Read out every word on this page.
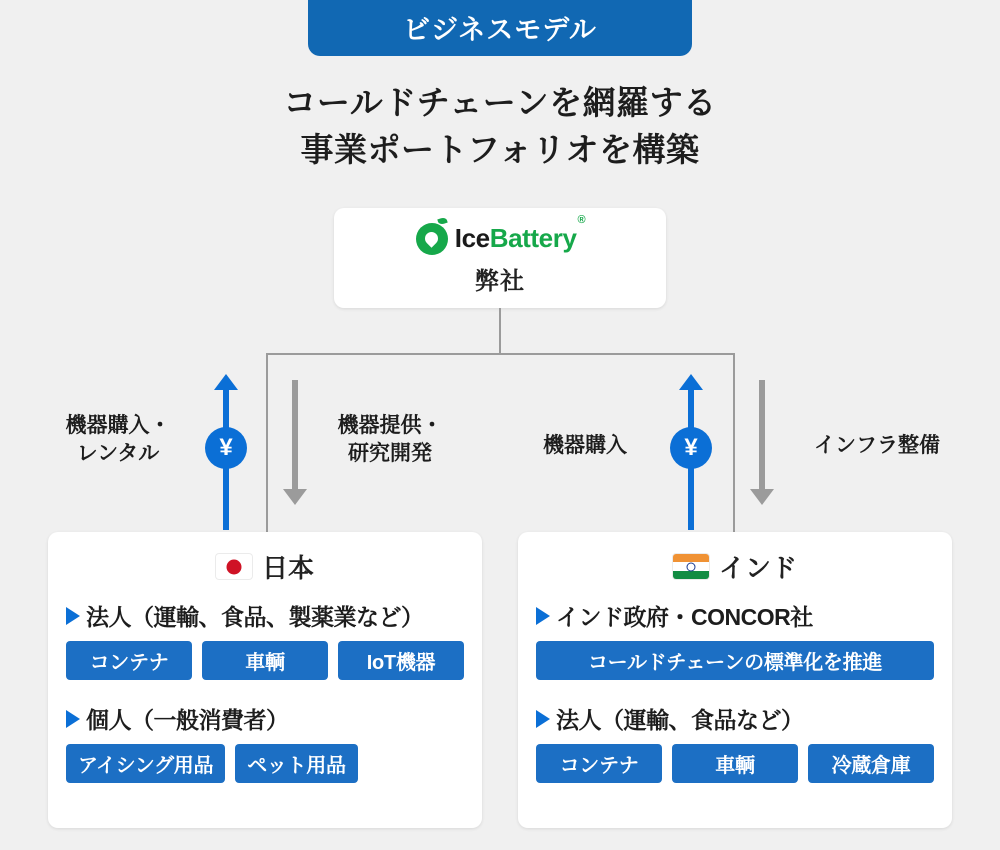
ビジネスモデル
コールドチェーンを網羅する
事業ポートフォリオを構築
IceBattery®
弊社
¥
機器購入・
レンタル
機器提供・
研究開発	¥
機器購入	インフラ整備
日本
法人（運輸、食品、製薬業など）
コンテナ	車輌	IoT機器
個人（一般消費者）
アイシング用品	ペット用品
インド
インド政府・CONCOR社
コールドチェーンの標準化を推進
法人（運輸、食品など）
コンテナ	車輌	冷蔵倉庫
